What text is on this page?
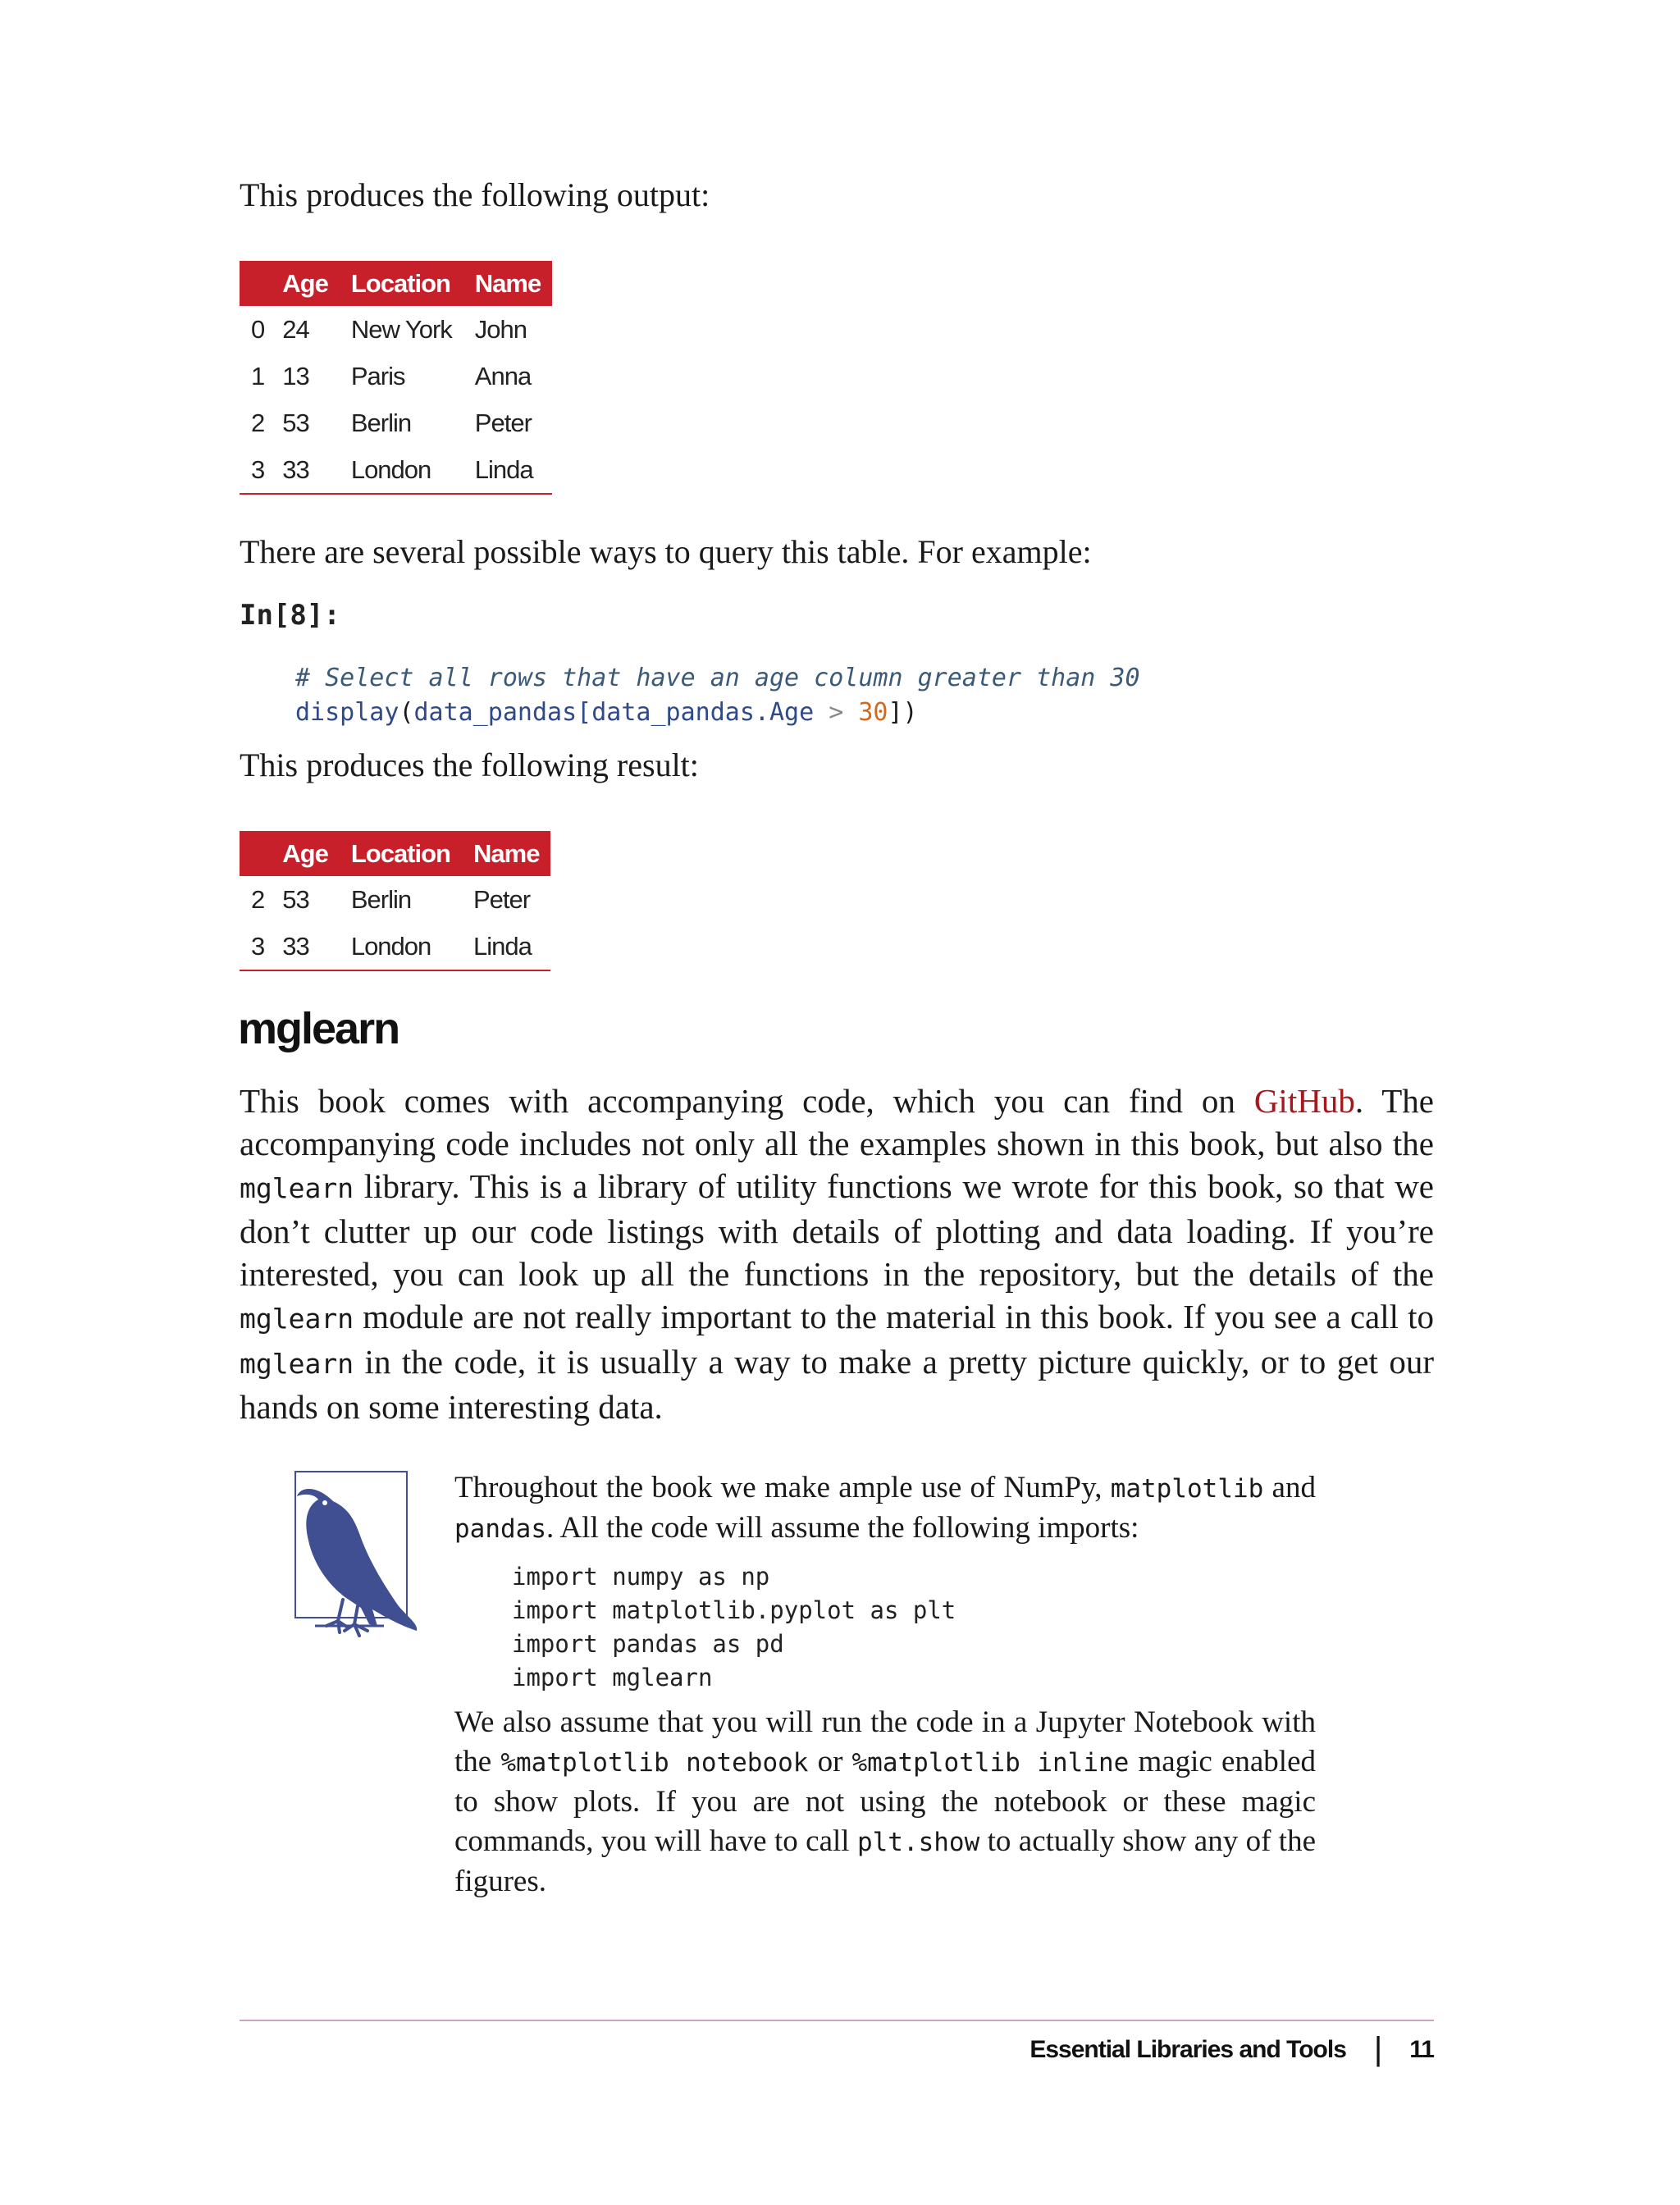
This produces the following output:

	Age	Location	Name
0	24	New York	John
1	13	Paris	Anna
2	53	Berlin	Peter
3	33	London	Linda

There are several possible ways to query this table. For example:

In[8]:
# Select all rows that have an age column greater than 30
display(data_pandas[data_pandas.Age > 30])

This produces the following result:

	Age	Location	Name
2	53	Berlin	Peter
3	33	London	Linda
mglearn

This book comes with accompanying code, which you can find on GitHub. The accompanying code includes not only all the examples shown in this book, but also the mglearn library. This is a library of utility functions we wrote for this book, so that we don’t clutter up our code listings with details of plotting and data loading. If you’re interested, you can look up all the functions in the repository, but the details of the mglearn module are not really important to the material in this book. If you see a call to mglearn in the code, it is usually a way to make a pretty picture quickly, or to get our hands on some interesting data.

Throughout the book we make ample use of NumPy, matplotlib and pandas. All the code will assume the following imports:

import numpy as np
import matplotlib.pyplot as plt
import pandas as pd
import mglearn

We also assume that you will run the code in a Jupyter Notebook with the %matplotlib notebook or %matplotlib inline magic enabled to show plots. If you are not using the notebook or these magic commands, you will have to call plt.show to actually show any of the figures.

Essential Libraries and Tools | 11
